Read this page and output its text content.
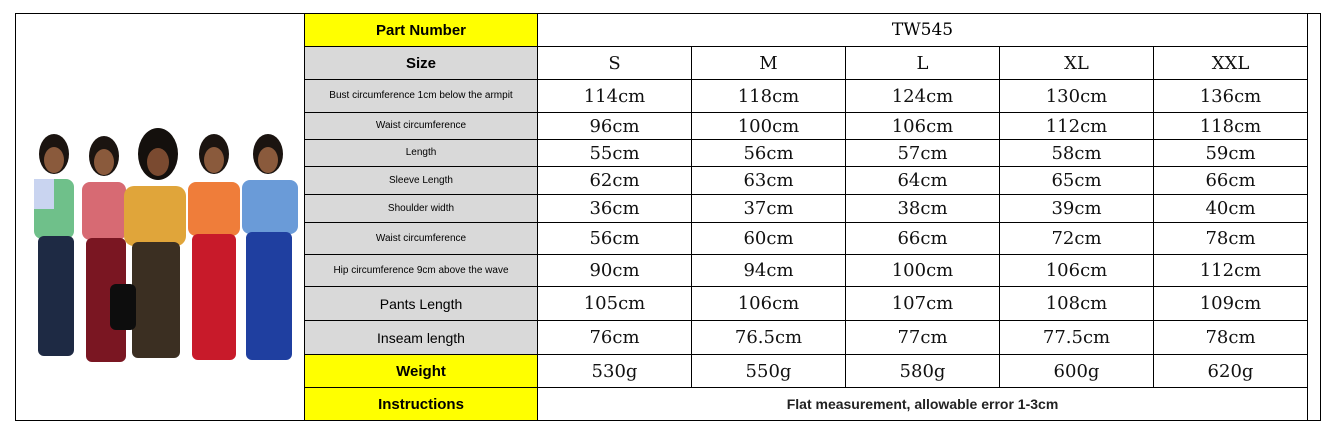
Part Number	TW545				
Size	S	M	L	XL	XXL
Bust circumference 1cm below the armpit	114cm	118cm	124cm	130cm	136cm
Waist circumference	96cm	100cm	106cm	112cm	118cm
Length	55cm	56cm	57cm	58cm	59cm
Sleeve Length	62cm	63cm	64cm	65cm	66cm
Shoulder width	36cm	37cm	38cm	39cm	40cm
Waist circumference	56cm	60cm	66cm	72cm	78cm
Hip circumference 9cm above the wave	90cm	94cm	100cm	106cm	112cm
Pants Length	105cm	106cm	107cm	108cm	109cm
Inseam length	76cm	76.5cm	77cm	77.5cm	78cm
Weight	530g	550g	580g	600g	620g
Instructions	Flat measurement, allowable error 1-3cm				
